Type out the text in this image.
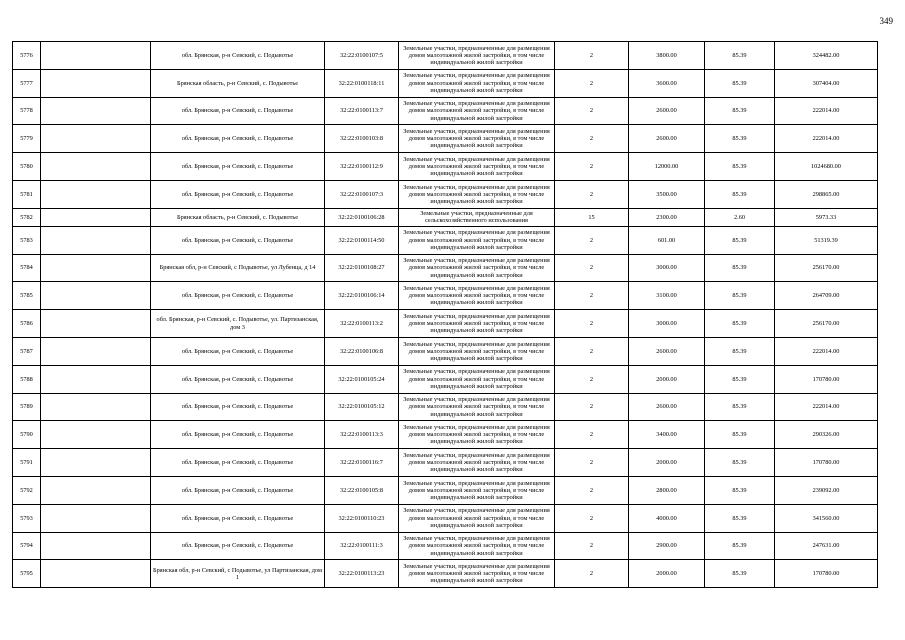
349
5776		обл. Брянская, р-н Севский, с. Подывотье	32:22:0100107:5	Земельные участки, предназначенные для размещения домов малоэтажной жилой застройки, в том числе индивидуальной жилой застройки	2	3800.00	85.39	324482.00
5777		Брянская область, р-н Севский, с. Подывотье	32:22:0100118:11	Земельные участки, предназначенные для размещения домов малоэтажной жилой застройки, в том числе индивидуальной жилой застройки	2	3600.00	85.39	307404.00
5778		обл. Брянская, р-н Севский, с. Подывотье	32:22:0100113:7	Земельные участки, предназначенные для размещения домов малоэтажной жилой застройки, в том числе индивидуальной жилой застройки	2	2600.00	85.39	222014.00
5779		обл. Брянская, р-н Севский, с. Подывотье	32:22:0100103:8	Земельные участки, предназначенные для размещения домов малоэтажной жилой застройки, в том числе индивидуальной жилой застройки	2	2600.00	85.39	222014.00
5780		обл. Брянская, р-н Севский, с. Подывотье	32:22:0100112:9	Земельные участки, предназначенные для размещения домов малоэтажной жилой застройки, в том числе индивидуальной жилой застройки	2	12000.00	85.39	1024680.00
5781		обл. Брянская, р-н Севский, с. Подывотье	32:22:0100107:3	Земельные участки, предназначенные для размещения домов малоэтажной жилой застройки, в том числе индивидуальной жилой застройки	2	3500.00	85.39	298865.00
5782		Брянская область, р-н Севский, с. Подывотье	32:22:0100106:28	Земельные участки, предназначенные для сельскохозяйственного использования	15	2300.00	2.60	5973.33
5783		обл. Брянская, р-н Севский, с. Подывотье	32:22:0100114:50	Земельные участки, предназначенные для размещения домов малоэтажной жилой застройки, в том числе индивидуальной жилой застройки	2	601.00	85.39	51319.39
5784		Брянская обл, р-н Севский, с Подывотье, ул Лубенца, д 14	32:22:0100108:27	Земельные участки, предназначенные для размещения домов малоэтажной жилой застройки, в том числе индивидуальной жилой застройки	2	3000.00	85.39	256170.00
5785		обл. Брянская, р-н Севский, с. Подывотье	32:22:0100106:14	Земельные участки, предназначенные для размещения домов малоэтажной жилой застройки, в том числе индивидуальной жилой застройки	2	3100.00	85.39	264709.00
5786		обл. Брянская, р-н Севский, с. Подывотье, ул. Партизанская, дом 3	32:22:0100113:2	Земельные участки, предназначенные для размещения домов малоэтажной жилой застройки, в том числе индивидуальной жилой застройки	2	3000.00	85.39	256170.00
5787		обл. Брянская, р-н Севский, с. Подывотье	32:22:0100106:8	Земельные участки, предназначенные для размещения домов малоэтажной жилой застройки, в том числе индивидуальной жилой застройки	2	2600.00	85.39	222014.00
5788		обл. Брянская, р-н Севский, с. Подывотье	32:22:0100105:24	Земельные участки, предназначенные для размещения домов малоэтажной жилой застройки, в том числе индивидуальной жилой застройки	2	2000.00	85.39	170780.00
5789		обл. Брянская, р-н Севский, с. Подывотье	32:22:0100105:12	Земельные участки, предназначенные для размещения домов малоэтажной жилой застройки, в том числе индивидуальной жилой застройки	2	2600.00	85.39	222014.00
5790		обл. Брянская, р-н Севский, с. Подывотье	32:22:0100113:3	Земельные участки, предназначенные для размещения домов малоэтажной жилой застройки, в том числе индивидуальной жилой застройки	2	3400.00	85.39	290326.00
5791		обл. Брянская, р-н Севский, с. Подывотье	32:22:0100116:7	Земельные участки, предназначенные для размещения домов малоэтажной жилой застройки, в том числе индивидуальной жилой застройки	2	2000.00	85.39	170780.00
5792		обл. Брянская, р-н Севский, с. Подывотье	32:22:0100105:8	Земельные участки, предназначенные для размещения домов малоэтажной жилой застройки, в том числе индивидуальной жилой застройки	2	2800.00	85.39	239092.00
5793		обл. Брянская, р-н Севский, с. Подывотье	32:22:0100110:23	Земельные участки, предназначенные для размещения домов малоэтажной жилой застройки, в том числе индивидуальной жилой застройки	2	4000.00	85.39	341560.00
5794		обл. Брянская, р-н Севский, с. Подывотье	32:22:0100111:3	Земельные участки, предназначенные для размещения домов малоэтажной жилой застройки, в том числе индивидуальной жилой застройки	2	2900.00	85.39	247631.00
5795		Брянская обл, р-н Севский, с Подывотье, ул Партизанская, дом 1	32:22:0100113:23	Земельные участки, предназначенные для размещения домов малоэтажной жилой застройки, в том числе индивидуальной жилой застройки	2	2000.00	85.39	170780.00
